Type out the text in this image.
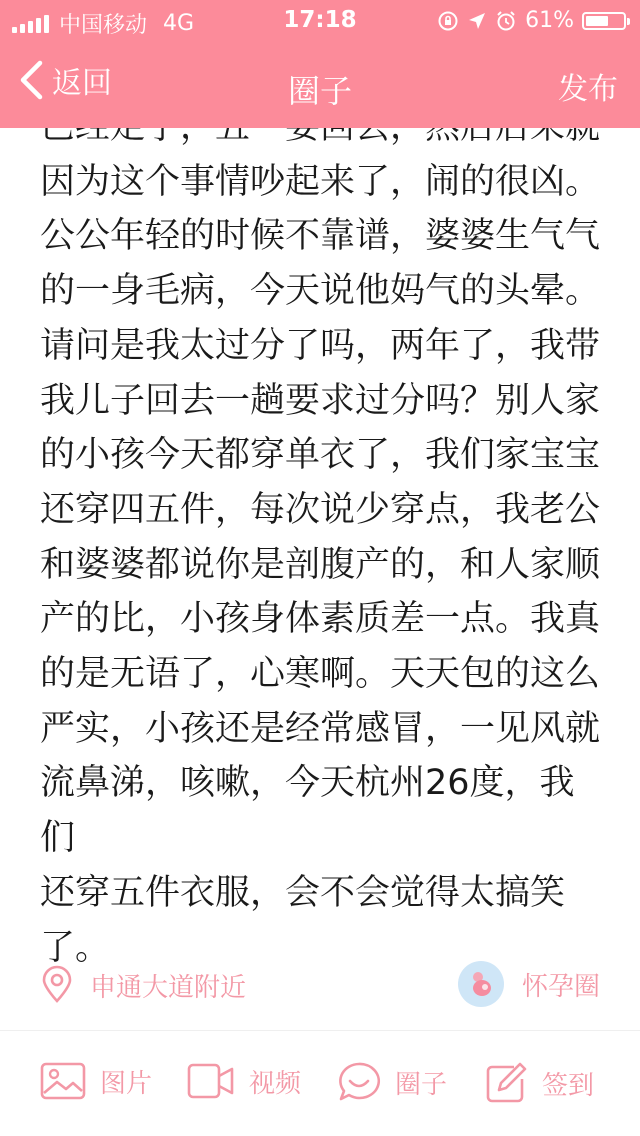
中国移动 4G	17:18	61%
返回	圈子	发布
因为这个事情吵起来了，闹的很凶。
公公年轻的时候不靠谱，婆婆生气气
的一身毛病，今天说他妈气的头晕。
请问是我太过分了吗，两年了，我带
我儿子回去一趟要求过分吗？别人家
的小孩今天都穿单衣了，我们家宝宝
还穿四五件，每次说少穿点，我老公
和婆婆都说你是剖腹产的，和人家顺
产的比，小孩身体素质差一点。我真
的是无语了，心寒啊。天天包的这么
严实，小孩还是经常感冒，一见风就
流鼻涕，咳嗽，今天杭州26度，我们
还穿五件衣服，会不会觉得太搞笑
了。
申通大道附近	怀孕圈
图片	视频	圈子	签到
